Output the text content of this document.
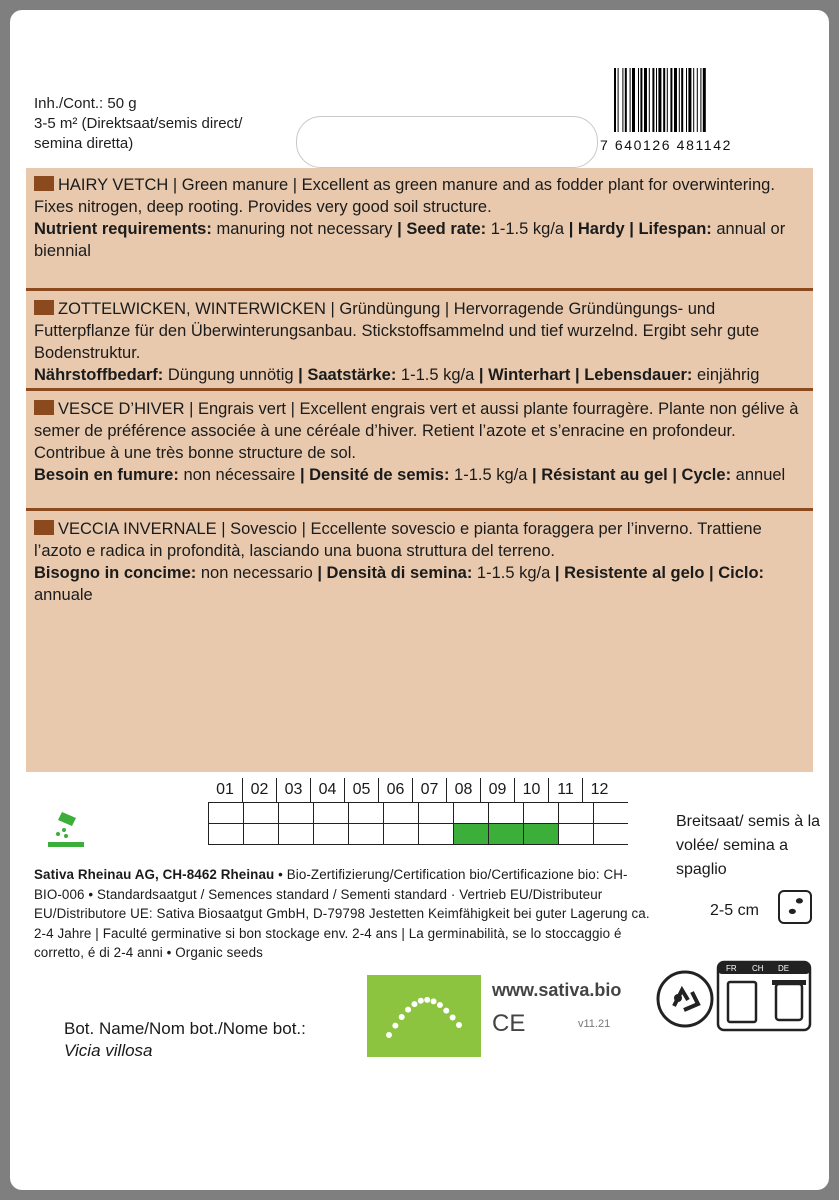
Inh./Cont.: 50 g
3-5 m² (Direktsaat/semis direct/
semina diretta)	7 640126 481142
HAIRY VETCH | Green manure | Excellent as green manure and as fodder plant for overwintering. Fixes nitrogen, deep rooting. Provides very good soil structure.
Nutrient requirements: manuring not necessary | Seed rate: 1-1.5 kg/a | Hardy | Lifespan: annual or biennial
ZOTTELWICKEN, WINTERWICKEN | Gründüngung | Hervorragende Gründüngungs- und Futterpflanze für den Überwinterungsanbau. Stickstoffsammelnd und tief wurzelnd. Ergibt sehr gute Bodenstruktur.
Nährstoffbedarf: Düngung unnötig | Saatstärke: 1-1.5 kg/a | Winterhart | Lebensdauer: einjährig
VESCE D’HIVER | Engrais vert | Excellent engrais vert et aussi plante fourragère. Plante non gélive à semer de préférence associée à une céréale d’hiver. Retient l’azote et s’enracine en profondeur. Contribue à une très bonne structure de sol.
Besoin en fumure: non nécessaire | Densité de semis: 1-1.5 kg/a | Résistant au gel | Cycle: annuel
VECCIA INVERNALE | Sovescio | Eccellente sovescio e pianta foraggera per l’inverno. Trattiene l’azoto e radica in profondità, lasciando una buona struttura del terreno.
Bisogno in concime: non necessario | Densità di semina: 1-1.5 kg/a | Resistente al gelo | Ciclo: annuale
01	02	03	04	05	06	07	08	09	10	11	12
Breitsaat/ semis à la volée/ semina a spaglio
2-5 cm
Sativa Rheinau AG, CH-8462 Rheinau • Bio-Zertifizierung/Certification bio/Certificazione bio: CH-BIO-006 • Standardsaatgut / Semences standard / Sementi standard · Vertrieb EU/Distributeur EU/Distributore UE: Sativa Biosaatgut GmbH, D-79798 Jestetten Keimfähigkeit bei guter Lagerung ca. 2-4 Jahre | Faculté germinative si bon stockage env. 2-4 ans | La germinabilità, se lo stoccaggio é corretto, é di 2-4 anni • Organic seeds
www.sativa.bio
CE	v11.21
Bot. Name/Nom bot./Nome bot.:
Vicia villosa
FR CH DE
